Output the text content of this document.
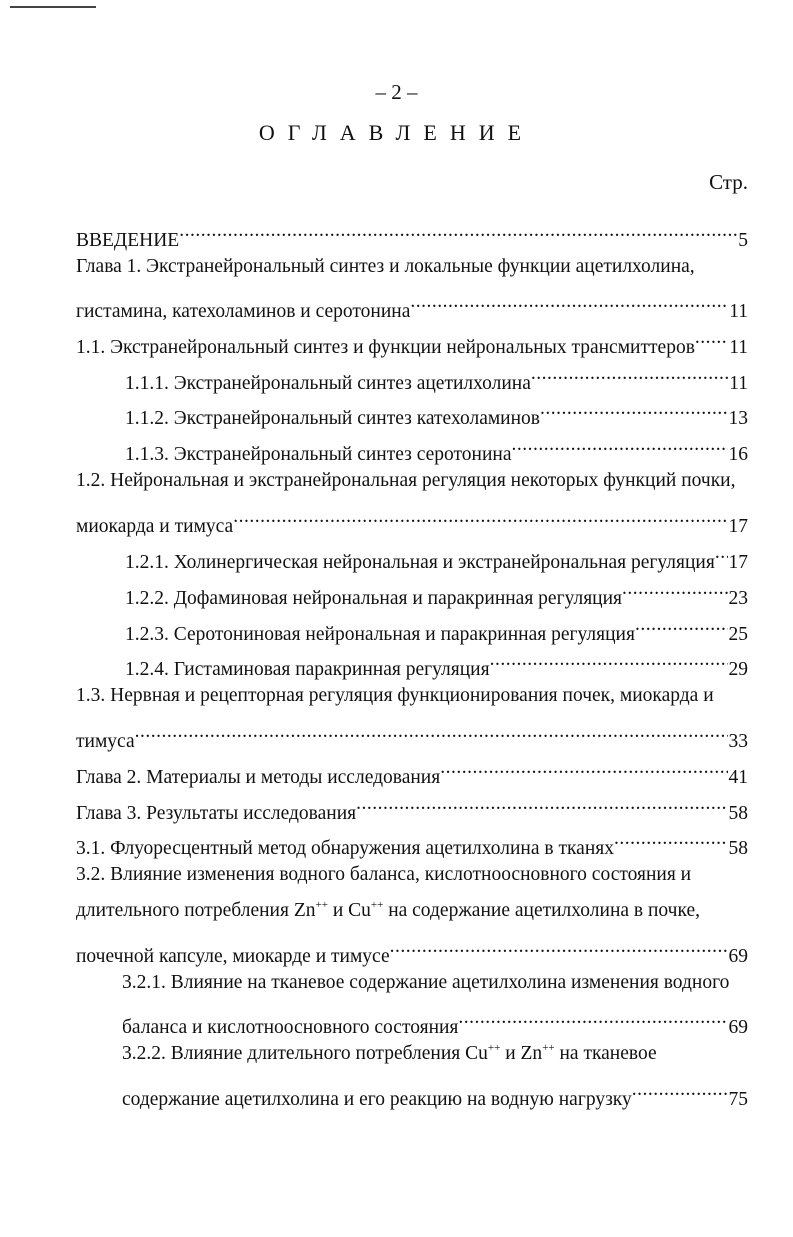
– 2 –
ОГЛАВЛЕНИЕ
Стр.
ВВЕДЕНИЕ .....	5
Глава 1. Экстранейрональный синтез и локальные функции ацетилхолина,
гистамина, катехоламинов и серотонина .....	11
1.1. Экстранейрональный синтез и функции нейрональных трансмиттеров ..... 11
1.1.1. Экстранейрональный синтез ацетилхолина .....	11
1.1.2. Экстранейрональный синтез катехоламинов .....	13
1.1.3. Экстранейрональный синтез серотонина .....	16
1.2. Нейрональная и экстранейрональная регуляция некоторых функций почки,
миокарда и тимуса .....	17
1.2.1. Холинергическая нейрональная и экстранейрональная регуляция ..... 17
1.2.2. Дофаминовая нейрональная и паракринная регуляция .....	23
1.2.3. Серотониновая нейрональная и паракринная регуляция .....	25
1.2.4. Гистаминовая паракринная регуляция .....	29
1.3. Нервная и рецепторная регуляция функционирования почек, миокарда и
тимуса .....	33
Глава 2. Материалы и методы исследования .....	41
Глава 3. Результаты исследования .....	58
3.1. Флуоресцентный метод обнаружения ацетилхолина в тканях .....	58
3.2. Влияние изменения водного баланса, кислотноосновного состояния и
длительного потребления Zn++ и Cu++ на содержание ацетилхолина в почке,
почечной капсуле, миокарде и тимусе .....	69
3.2.1. Влияние на тканевое содержание ацетилхолина изменения водного
баланса и кислотноосновного состояния .....	69
3.2.2. Влияние длительного потребления Cu++ и Zn++ на тканевое
содержание ацетилхолина и его реакцию на водную нагрузку .....	75
